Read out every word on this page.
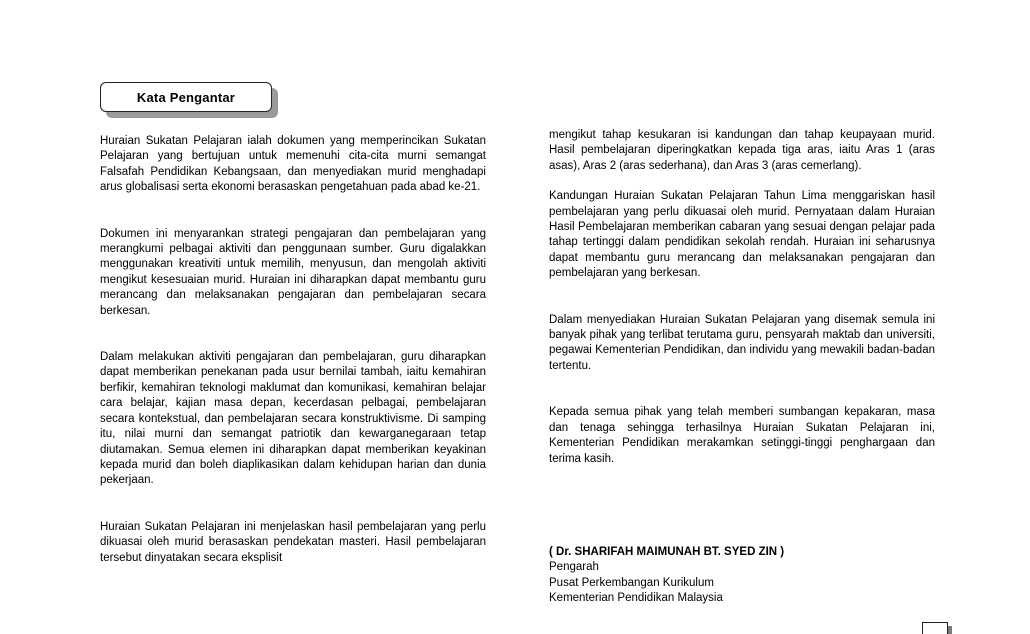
Kata Pengantar

Huraian Sukatan Pelajaran ialah dokumen yang memperincikan Sukatan Pelajaran yang bertujuan untuk memenuhi cita-cita murni semangat Falsafah Pendidikan Kebangsaan, dan menyediakan murid menghadapi arus globalisasi serta ekonomi berasaskan pengetahuan pada abad ke-21.

Dokumen ini menyarankan strategi pengajaran dan pembelajaran yang merangkumi pelbagai aktiviti dan penggunaan sumber. Guru digalakkan menggunakan kreativiti untuk memilih, menyusun, dan mengolah aktiviti mengikut kesesuaian murid. Huraian ini diharapkan dapat membantu guru merancang dan melaksanakan pengajaran dan pembelajaran secara berkesan.

Dalam melakukan aktiviti pengajaran dan pembelajaran, guru diharapkan dapat memberikan penekanan pada usur bernilai tambah, iaitu kemahiran berfikir, kemahiran teknologi maklumat dan komunikasi, kemahiran belajar cara belajar, kajian masa depan, kecerdasan pelbagai, pembelajaran secara kontekstual, dan pembelajaran secara konstruktivisme. Di samping itu, nilai murni dan semangat patriotik dan kewarganegaraan tetap diutamakan. Semua elemen ini diharapkan dapat memberikan keyakinan kepada murid dan boleh diaplikasikan dalam kehidupan harian dan dunia pekerjaan.

Huraian Sukatan Pelajaran ini menjelaskan hasil pembelajaran yang perlu dikuasai oleh murid berasaskan pendekatan masteri. Hasil pembelajaran tersebut dinyatakan secara eksplisit

mengikut tahap kesukaran isi kandungan dan tahap keupayaan murid. Hasil pembelajaran diperingkatkan kepada tiga aras, iaitu Aras 1 (aras asas), Aras 2 (aras sederhana), dan Aras 3 (aras cemerlang).

Kandungan Huraian Sukatan Pelajaran Tahun Lima menggariskan hasil pembelajaran yang perlu dikuasai oleh murid. Pernyataan dalam Huraian Hasil Pembelajaran memberikan cabaran yang sesuai dengan pelajar pada tahap tertinggi dalam pendidikan sekolah rendah. Huraian ini seharusnya dapat membantu guru merancang dan melaksanakan pengajaran dan pembelajaran yang berkesan.

Dalam menyediakan Huraian Sukatan Pelajaran yang disemak semula ini banyak pihak yang terlibat terutama guru, pensyarah maktab dan universiti, pegawai Kementerian Pendidikan, dan individu yang mewakili badan-badan tertentu.

Kepada semua pihak yang telah memberi sumbangan kepakaran, masa dan tenaga sehingga terhasilnya Huraian Sukatan Pelajaran ini, Kementerian Pendidikan merakamkan setinggi-tinggi penghargaan dan terima kasih.

( Dr. SHARIFAH MAIMUNAH BT. SYED ZIN )
Pengarah
Pusat Perkembangan Kurikulum
Kementerian Pendidikan Malaysia
